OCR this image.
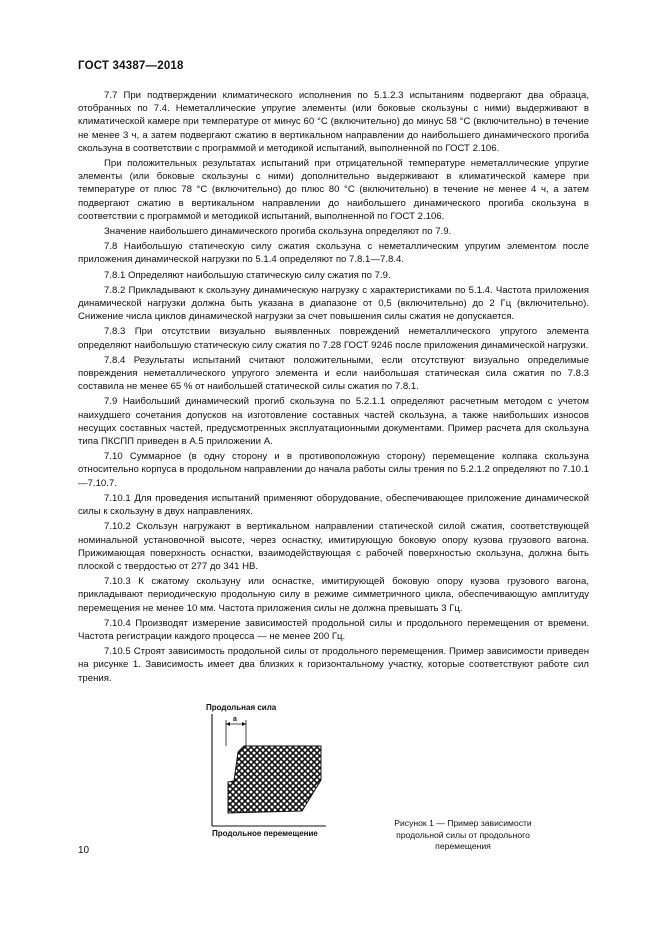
ГОСТ 34387—2018

7.7 При подтверждении климатического исполнения по 5.1.2.3 испытаниям подвергают два образца, отобранных по 7.4. Неметаллические упругие элементы (или боковые скользуны с ними) выдерживают в климатической камере при температуре от минус 60 °С (включительно) до минус 58 °С (включительно) в течение не менее 3 ч, а затем подвергают сжатию в вертикальном направлении до наибольшего динамического прогиба скользуна в соответствии с программой и методикой испытаний, выполненной по ГОСТ 2.106.

При положительных результатах испытаний при отрицательной температуре неметаллические упругие элементы (или боковые скользуны с ними) дополнительно выдерживают в климатической камере при температуре от плюс 78 °С (включительно) до плюс 80 °С (включительно) в течение не менее 4 ч, а затем подвергают сжатию в вертикальном направлении до наибольшего динамического прогиба скользуна в соответствии с программой и методикой испытаний, выполненной по ГОСТ 2.106.

Значение наибольшего динамического прогиба скользуна определяют по 7.9.

7.8 Наибольшую статическую силу сжатия скользуна с неметаллическим упругим элементом после приложения динамической нагрузки по 5.1.4 определяют по 7.8.1—7.8.4.

7.8.1 Определяют наибольшую статическую силу сжатия по 7.9.

7.8.2 Прикладывают к скользуну динамическую нагрузку с характеристиками по 5.1.4. Частота приложения динамической нагрузки должна быть указана в диапазоне от 0,5 (включительно) до 2 Гц (включительно). Снижение числа циклов динамической нагрузки за счет повышения силы сжатия не допускается.

7.8.3 При отсутствии визуально выявленных повреждений неметаллического упругого элемента определяют наибольшую статическую силу сжатия по 7.28 ГОСТ 9246 после приложения динамической нагрузки.

7.8.4 Результаты испытаний считают положительными, если отсутствуют визуально определимые повреждения неметаллического упругого элемента и если наибольшая статическая сила сжатия по 7.8.3 составила не менее 65 % от наибольшей статической силы сжатия по 7.8.1.

7.9 Наибольший динамический прогиб скользуна по 5.2.1.1 определяют расчетным методом с учетом наихудшего сочетания допусков на изготовление составных частей скользуна, а также наибольших износов несущих составных частей, предусмотренных эксплуатационными документами. Пример расчета для скользуна типа ПКСПП приведен в А.5 приложении А.

7.10 Суммарное (в одну сторону и в противоположную сторону) перемещение колпака скользуна относительно корпуса в продольном направлении до начала работы силы трения по 5.2.1.2 определяют по 7.10.1—7.10.7.

7.10.1 Для проведения испытаний применяют оборудование, обеспечивающее приложение динамической силы к скользуну в двух направлениях.

7.10.2 Скользун нагружают в вертикальном направлении статической силой сжатия, соответствующей номинальной установочной высоте, через оснастку, имитирующую боковую опору кузова грузового вагона. Прижимающая поверхность оснастки, взаимодействующая с рабочей поверхностью скользуна, должна быть плоской с твердостью от 277 до 341 НВ.

7.10.3 К сжатому скользуну или оснастке, имитирующей боковую опору кузова грузового вагона, прикладывают периодическую продольную силу в режиме симметричного цикла, обеспечивающую амплитуду перемещения не менее 10 мм. Частота приложения силы не должна превышать 3 Гц.

7.10.4 Производят измерение зависимостей продольной силы и продольного перемещения от времени. Частота регистрации каждого процесса — не менее 200 Гц.

7.10.5 Строят зависимость продольной силы от продольного перемещения. Пример зависимости приведен на рисунке 1. Зависимость имеет два близких к горизонтальному участку, которые соответствуют работе сил трения.

Продольная сила
a
Продольное перемещение
Рисунок 1 — Пример зависимости продольной силы от продольного перемещения
10
